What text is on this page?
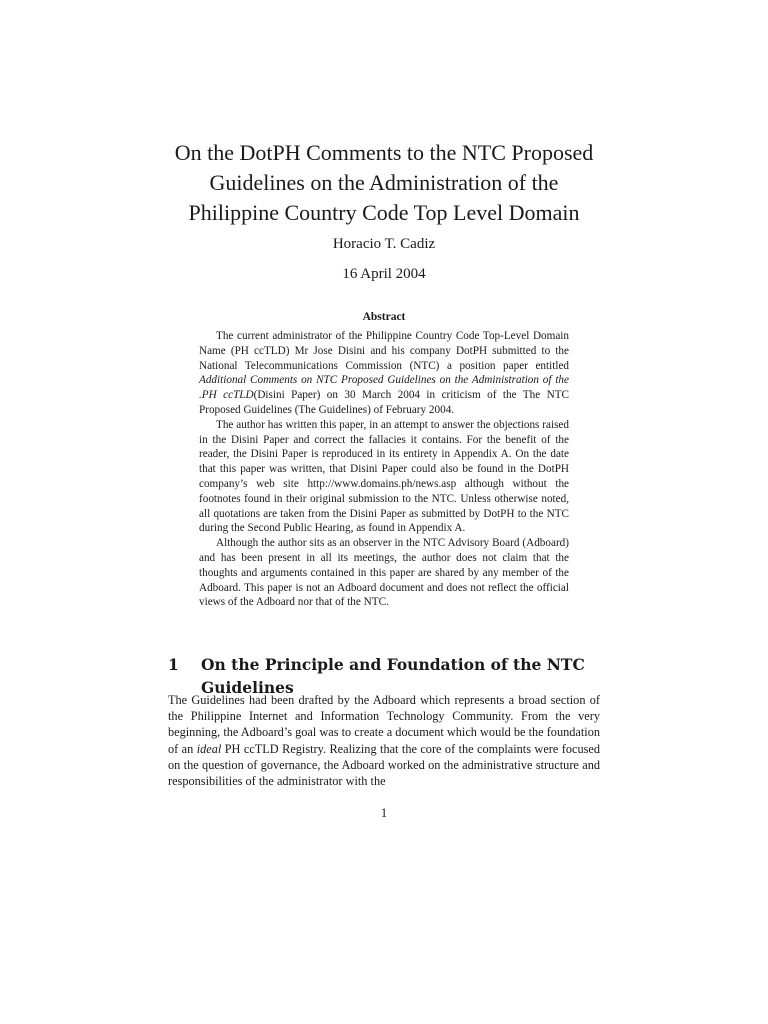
On the DotPH Comments to the NTC Proposed
Guidelines on the Administration of the
Philippine Country Code Top Level Domain
Horacio T. Cadiz
16 April 2004
Abstract

The current administrator of the Philippine Country Code Top-Level Domain Name (PH ccTLD) Mr Jose Disini and his company DotPH submitted to the National Telecommunications Commission (NTC) a position paper entitled Additional Comments on NTC Proposed Guidelines on the Administration of the .PH ccTLD(Disini Paper) on 30 March 2004 in criticism of the The NTC Proposed Guidelines (The Guidelines) of February 2004.

The author has written this paper, in an attempt to answer the objections raised in the Disini Paper and correct the fallacies it contains. For the benefit of the reader, the Disini Paper is reproduced in its entirety in Appendix A. On the date that this paper was written, that Disini Paper could also be found in the DotPH company’s web site http://www.domains.ph/news.asp although without the footnotes found in their original submission to the NTC. Unless otherwise noted, all quotations are taken from the Disini Paper as submitted by DotPH to the NTC during the Second Public Hearing, as found in Appendix A.

Although the author sits as an observer in the NTC Advisory Board (Adboard) and has been present in all its meetings, the author does not claim that the thoughts and arguments contained in this paper are shared by any member of the Adboard. This paper is not an Adboard document and does not reflect the official views of the Adboard nor that of the NTC.

1	On the Principle and Foundation of the NTC Guidelines

The Guidelines had been drafted by the Adboard which represents a broad section of the Philippine Internet and Information Technology Community. From the very beginning, the Adboard’s goal was to create a document which would be the foundation of an ideal PH ccTLD Registry. Realizing that the core of the complaints were focused on the question of governance, the Adboard worked on the administrative structure and responsibilities of the administrator with the

1
